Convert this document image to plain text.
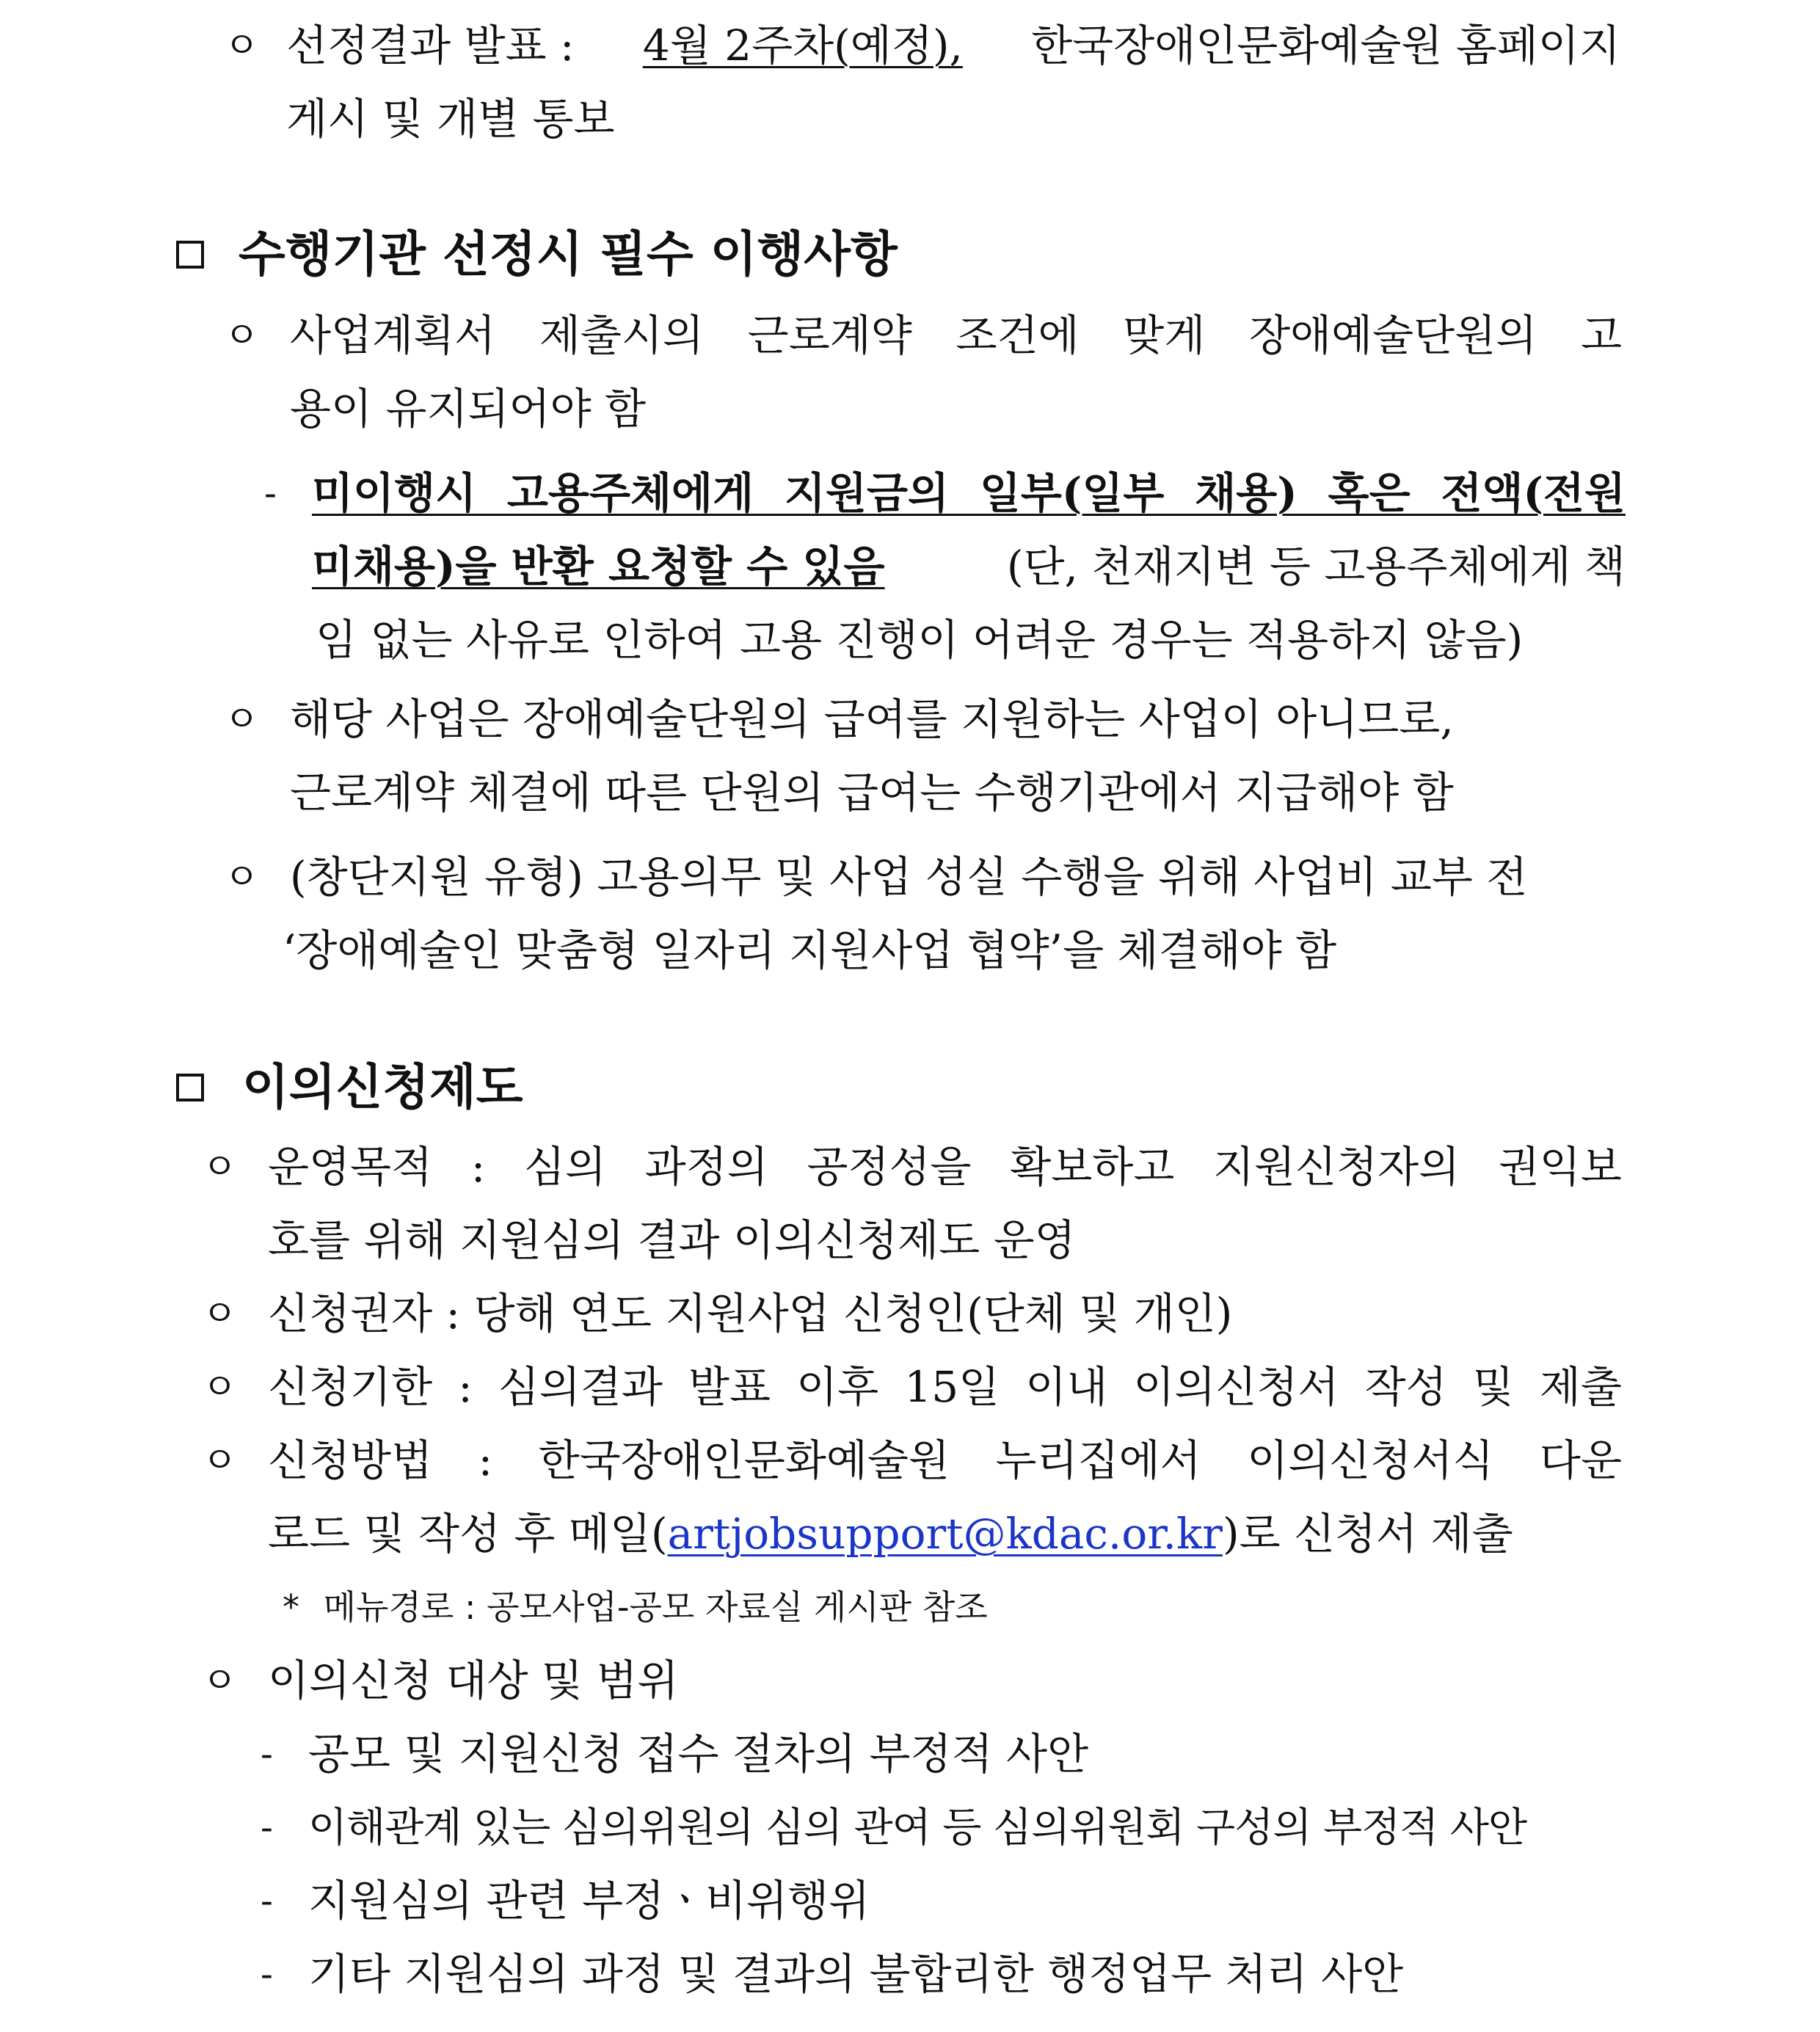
ㅇ 선정결과 발표 : 4월 2주차(예정), 한국장애인문화예술원 홈페이지
게시 및 개별 통보
수행기관 선정시 필수 이행사항
ㅇ 사업계획서 제출시의 근로계약 조건에 맞게 장애예술단원의 고
용이 유지되어야 함
- 미이행시 고용주체에게 지원금의 일부(일부 채용) 혹은 전액(전원
미채용)을 반환 요청할 수 있음	(단, 천재지변 등 고용주체에게 책
임 없는 사유로 인하여 고용 진행이 어려운 경우는 적용하지 않음)
ㅇ 해당 사업은 장애예술단원의 급여를 지원하는 사업이 아니므로,
근로계약 체결에 따른 단원의 급여는 수행기관에서 지급해야 함
ㅇ (창단지원 유형) 고용의무 및 사업 성실 수행을 위해 사업비 교부 전
‘장애예술인 맞춤형 일자리 지원사업 협약’을 체결해야 함
이의신청제도
ㅇ 운영목적 : 심의 과정의 공정성을 확보하고 지원신청자의 권익보
호를 위해 지원심의 결과 이의신청제도 운영
ㅇ 신청권자 : 당해 연도 지원사업 신청인(단체 및 개인)
ㅇ 신청기한 : 심의결과 발표 이후 15일 이내 이의신청서 작성 및 제출
ㅇ 신청방법 : 한국장애인문화예술원 누리집에서 이의신청서식 다운
로드 및 작성 후 메일(artjobsupport@kdac.or.kr)로 신청서 제출
* 메뉴경로 : 공모사업-공모 자료실 게시판 참조
ㅇ 이의신청 대상 및 범위
- 공모 및 지원신청 접수 절차의 부정적 사안
- 이해관계 있는 심의위원의 심의 관여 등 심의위원회 구성의 부정적 사안
- 지원심의 관련 부정ㆍ비위행위
- 기타 지원심의 과정 및 결과의 불합리한 행정업무 처리 사안
